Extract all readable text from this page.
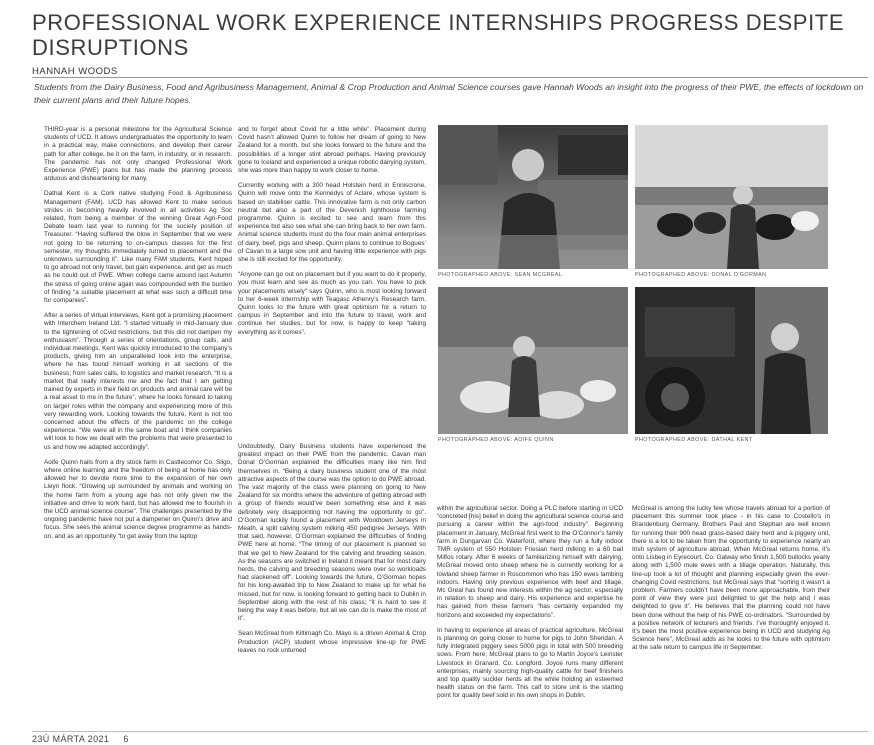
PROFESSIONAL WORK EXPERIENCE INTERNSHIPS PROGRESS DESPITE DISRUPTIONS
HANNAH WOODS
Students from the Dairy Business, Food and Agribusiness Management, Animal & Crop Production and Animal Science courses gave Hannah Woods an insight into the progress of their PWE, the effects of lockdown on their current plans and their future hopes.

THIRD-year is a personal milestone for the Agricultural Science students of UCD. It allows undergraduates the opportunity to learn in a practical way, make connections, and develop their career path for after college, be it on the farm, in industry, or in research. The pandemic has not only changed Professional Work Experience (PWE) plans but has made the planning process arduous and disheartening for many.

Dathal Kent is a Cork native studying Food & Agribusiness Management (FAM). UCD has allowed Kent to make serious strides in becoming heavily involved in all activities Ag Soc related, from being a member of the winning Great Agri-Food Debate team last year to running for the society position of Treasurer. “Having suffered the blow in September that we were not going to be returning to on-campus classes for the first semester, my thoughts immediately turned to placement and the unknowns surrounding it”. Like many FAM students, Kent hoped to go abroad not only travel, but gain experience, and get as much as he could out of PWE. When college came around last Autumn the stress of going online again was compounded with the burden of finding “a suitable placement at what was such a difficult time for companies”.

After a series of virtual interviews, Kent got a promising placement with Interchem Ireland Ltd. “I started virtually in mid-January due to the tightening of cCvid restrictions, but this did not dampen my enthusiasm”. Through a series of orientations, group calls, and individual meetings, Kent was quickly introduced to the company’s products, giving him an unparalleled look into the enterprise, where he has found himself working in all sections of the business; from sales calls, to logistics and market research. “It is a market that really interests me and the fact that I am getting trained by experts in their field on products and animal care will be a real asset to me in the future”, where he looks forward to taking on larger roles within the company and experiencing more of this very rewarding work. Looking towards the future, Kent is not too concerned about the effects of the pandemic on the college experience. “We were all in the same boat and I think companies will look to how we dealt with the problems that were presented to us and how we adapted accordingly”.

Aoife Quinn hails from a dry stock farm in Castlecomor Co. Sligo, where online learning and the freedom of being at home has only allowed her to devote more time to the expansion of her own Lleyn flock. “Growing up surrounded by animals and working on the home farm from a young age has not only given me the initiative and drive to work hard, but has allowed me to flourish in the UCD animal science course”. The challenges presented by the ongoing pandemic have not put a dampener on Quinn’s drive and focus. She sees the animal science degree programme as hands-on, and as an opportunity “to get away from the laptop

and to forget about Covid for a little while”. Placement during Covid hasn’t allowed Quinn to follow her dream of going to New Zealand for a month, but she looks forward to the future and the possibilities of a longer stint abroad perhaps. Having previously gone to Iceland and experienced a unique robotic dairying system, she was more than happy to work closer to home.

Currently working with a 300 head Holstein herd in Enniscrone, Quinn will move onto the Kennedys of Aclare, whose system is based on stabiliser cattle. This innovative farm is not only carbon neutral but also a part of the Devenish lighthouse farming programme. Quinn is excited to see and learn from this experience but also see what she can bring back to her own farm. Animal science students must do the four main animal enterprises of dairy, beef, pigs and sheep. Quinn plans to continue to Bogues’ of Cavan to a large sow unit and having little experience with pigs she is still excited for the opportunity.

“Anyone can go out on placement but if you want to do it properly, you must learn and see as much as you can. You have to pick your placements wisely” says Quinn, who is most looking forward to her 6-week internship with Teagasc Athenry’s Research farm. Quinn looks to the future with great optimism for a return to campus in September and into the future to travel, work and continue her studies, but for now, is happy to keep “taking everything as it comes”.

Undoubtedly, Dairy Business students have experienced the greatest impact on their PWE from the pandemic. Cavan man Donal O’Gorman explained the difficulties many like him find themselves in. “Being a dairy business student one of the most attractive aspects of the course was the option to do PWE abroad. The vast majority of the class were planning on going to New Zealand for six months where the adventure of getting abroad with a group of friends would’ve been something else and it was definitely very disappointing not having the opportunity to go”. O’Gorman luckily found a placement with Woodtown Jerseys in Meath, a split calving system milking 450 pedigree Jerseys. With that said, however, O’Gorman explained the difficulties of finding PWE here at home. “The timing of our placement is planned so that we get to New Zealand for the calving and breeding season. As the seasons are switched in Ireland it meant that for most dairy herds, the calving and breeding seasons were over so workloads had slackened off”. Looking towards the future, O’Gorman hopes for his long-awaited trip to New Zealand to make up for what he missed, but for now, is looking forward to getting back to Dublin in September along with the rest of his class; “it is hard to see it being the way it was before, but all we can do is make the most of it”.

Sean McGreal from Kiltimagh Co. Mayo is a driven Animal & Crop Production (ACP) student whose impressive line-up for PWE leaves no rock unturned

PHOTOGRAPHED ABOVE: SEAN MCGREAL	PHOTOGRAPHED ABOVE: DONAL O'GORMAN
PHOTOGRAPHED ABOVE: AOIFE QUINN	PHOTOGRAPHED ABOVE: DATHAL KENT

within the agricultural sector. Doing a PLC before starting in UCD “concreted [his] belief in doing the agricultural science course and pursuing a career within the agri-food industry”. Beginning placement in January, McGreal first went to the O’Connor’s family farm in Dungarvan Co. Waterford, where they run a fully indoor TMR system of 550 Holstein Friesian herd milking in a 60 bail Milfos rotary. After 6 weeks of familiarizing himself with dairying, McGreal moved onto sheep where he is currently working for a lowland sheep farmer in Roscommon who has 150 ewes lambing indoors. Having only previous experience with beef and tillage, Mc Greal has found new interests within the ag sector, especially in relation to sheep and dairy. His experience and expertise he has gained from these farmers “has certainly expanded my horizons and exceeded my expectations”.

In having to experience all areas of practical agriculture, McGreal is planning on going closer to home for pigs to John Sheridan. A fully integrated piggery sees 5000 pigs in total with 500 breeding sows. From here, McGreal plans to go to Martin Joyce’s Leinster Livestock in Granard, Co. Longford. Joyce runs many different enterprises, mainly sourcing high-quality cattle for beef finishers and top quality suckler herds all the while holding an esteemed health status on the farm. This calf to store unit is the starting point for quality beef sold in his own shops in Dublin.

McGreal is among the lucky few whose travels abroad for a portion of placement this summer took place - in his case to Costello’s in Brandenburg Germany. Brothers Paul and Stephan are well known for running their 900 head grass-based dairy herd and a piggery unit, there is a lot to be taken from the opportunity to experience nearly an Irish system of agriculture abroad. When McGreal returns home, it’s onto Lisbeg in Eyrecourt, Co. Galway who finish 1,500 bullocks yearly along with 1,500 mule ewes with a tillage operation. Naturally, this line-up took a lot of thought and planning especially given the ever-changing Covid restrictions, but McGreal says that “sorting it wasn’t a problem. Farmers couldn’t have been more approachable, from their point of view they were just delighted to get the help and I was delighted to give it”. He believes that the planning could not have been done without the help of his PWE co-ordinators. “Surrounded by a positive network of lecturers and friends. I’ve thoroughly enjoyed it. It’s been the most positive experience being in UCD and studying Ag Science here”, McGreal adds as he looks to the future with optimism at the safe return to campus life in September.

23Ú MÁRTA 2021 6
